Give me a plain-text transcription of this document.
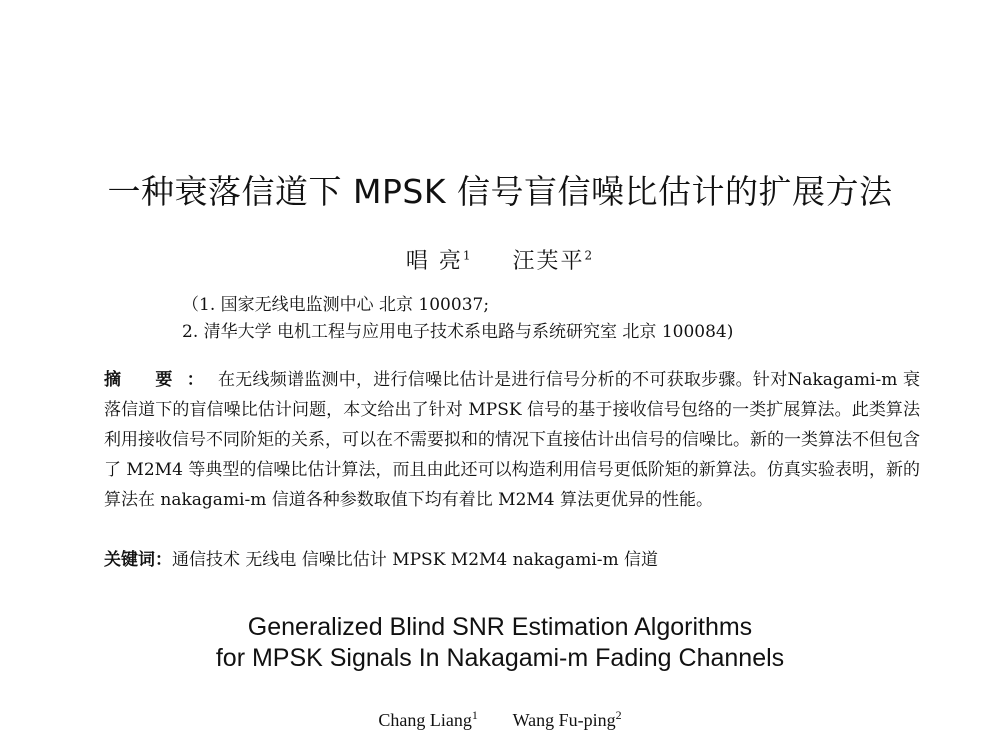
一种衰落信道下 MPSK 信号盲信噪比估计的扩展方法
唱 亮$^1$ 汪芙平$^2$
（1. 国家无线电监测中心 北京 100037;
2. 清华大学 电机工程与应用电子技术系电路与系统研究室 北京 100084)
摘 要：在无线频谱监测中，进行信噪比估计是进行信号分析的不可获取步骤。针对Nakagami-m 衰落信道下的盲信噪比估计问题，本文给出了针对 MPSK 信号的基于接收信号包络的一类扩展算法。此类算法利用接收信号不同阶矩的关系，可以在不需要拟和的情况下直接估计出信号的信噪比。新的一类算法不但包含了 M2M4 等典型的信噪比估计算法，而且由此还可以构造利用信号更低阶矩的新算法。仿真实验表明，新的算法在 nakagami-m 信道各种参数取值下均有着比 M2M4 算法更优异的性能。
关键词：通信技术 无线电 信噪比估计 MPSK M2M4 nakagami-m 信道
Generalized Blind SNR Estimation Algorithms
for MPSK Signals In Nakagami-m Fading Channels
Chang Liang$^1$ Wang Fu-ping$^2$
